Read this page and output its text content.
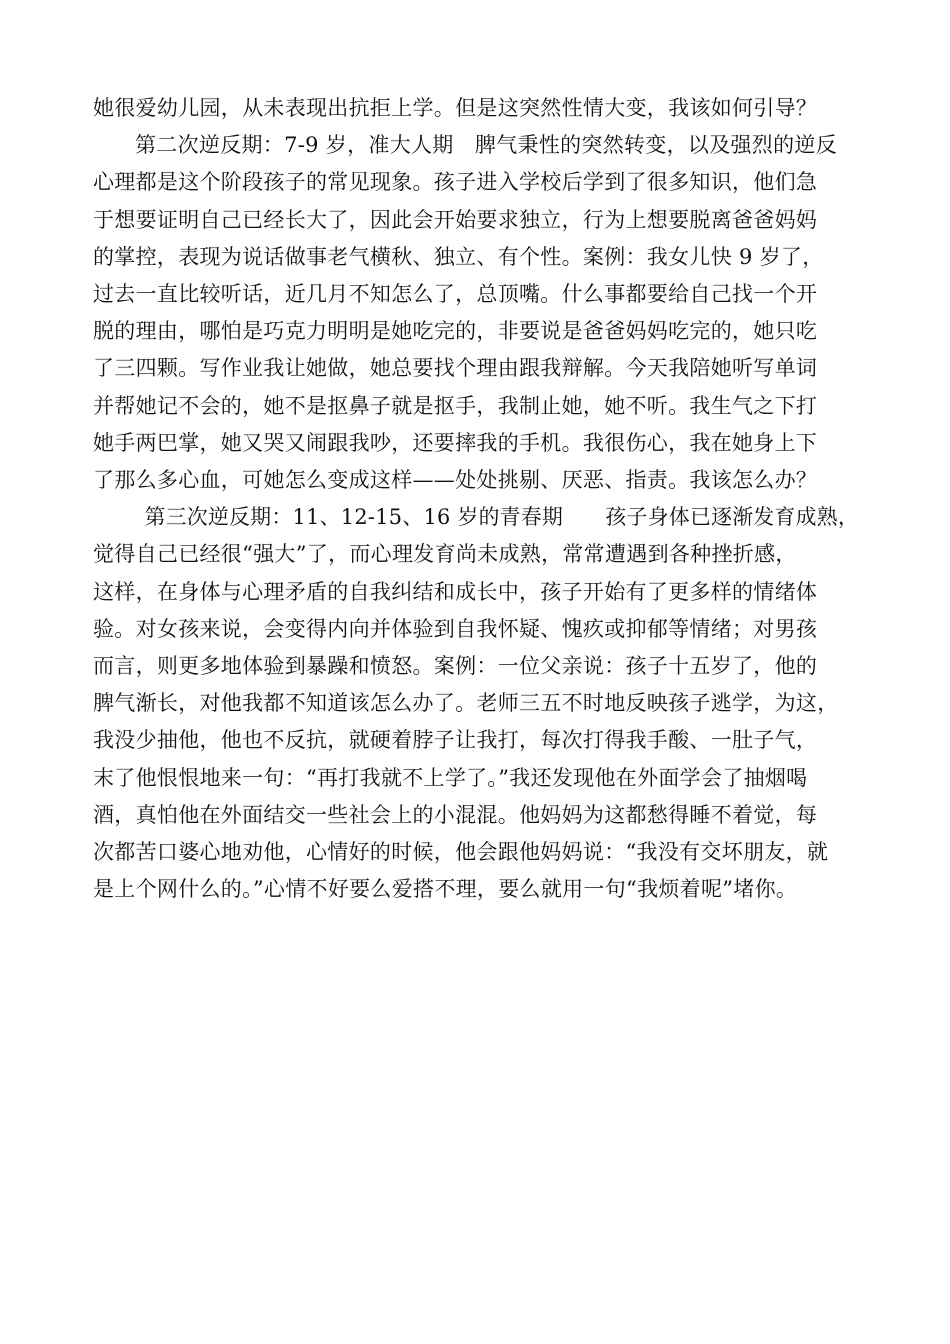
她很爱幼儿园，从未表现出抗拒上学。但是这突然性情大变，我该如何引导？
第二次逆反期：7-9 岁，准大人期　脾气秉性的突然转变，以及强烈的逆反
心理都是这个阶段孩子的常见现象。孩子进入学校后学到了很多知识，他们急
于想要证明自己已经长大了，因此会开始要求独立，行为上想要脱离爸爸妈妈
的掌控，表现为说话做事老气横秋、独立、有个性。案例：我女儿快 9 岁了，
过去一直比较听话，近几月不知怎么了，总顶嘴。什么事都要给自己找一个开
脱的理由，哪怕是巧克力明明是她吃完的，非要说是爸爸妈妈吃完的，她只吃
了三四颗。写作业我让她做，她总要找个理由跟我辩解。今天我陪她听写单词
并帮她记不会的，她不是抠鼻子就是抠手，我制止她，她不听。我生气之下打
她手两巴掌，她又哭又闹跟我吵，还要摔我的手机。我很伤心，我在她身上下
了那么多心血，可她怎么变成这样——处处挑剔、厌恶、指责。我该怎么办？
第三次逆反期：11、12-15、16 岁的青春期　　孩子身体已逐渐发育成熟，
觉得自己已经很“强大”了，而心理发育尚未成熟，常常遭遇到各种挫折感，
这样，在身体与心理矛盾的自我纠结和成长中，孩子开始有了更多样的情绪体
验。对女孩来说，会变得内向并体验到自我怀疑、愧疚或抑郁等情绪；对男孩
而言，则更多地体验到暴躁和愤怒。案例：一位父亲说：孩子十五岁了，他的
脾气渐长，对他我都不知道该怎么办了。老师三五不时地反映孩子逃学，为这，
我没少抽他，他也不反抗，就硬着脖子让我打，每次打得我手酸、一肚子气，
末了他恨恨地来一句：“再打我就不上学了。”我还发现他在外面学会了抽烟喝
酒，真怕他在外面结交一些社会上的小混混。他妈妈为这都愁得睡不着觉，每
次都苦口婆心地劝他，心情好的时候，他会跟他妈妈说：“我没有交坏朋友，就
是上个网什么的。”心情不好要么爱搭不理，要么就用一句“我烦着呢”堵你。
